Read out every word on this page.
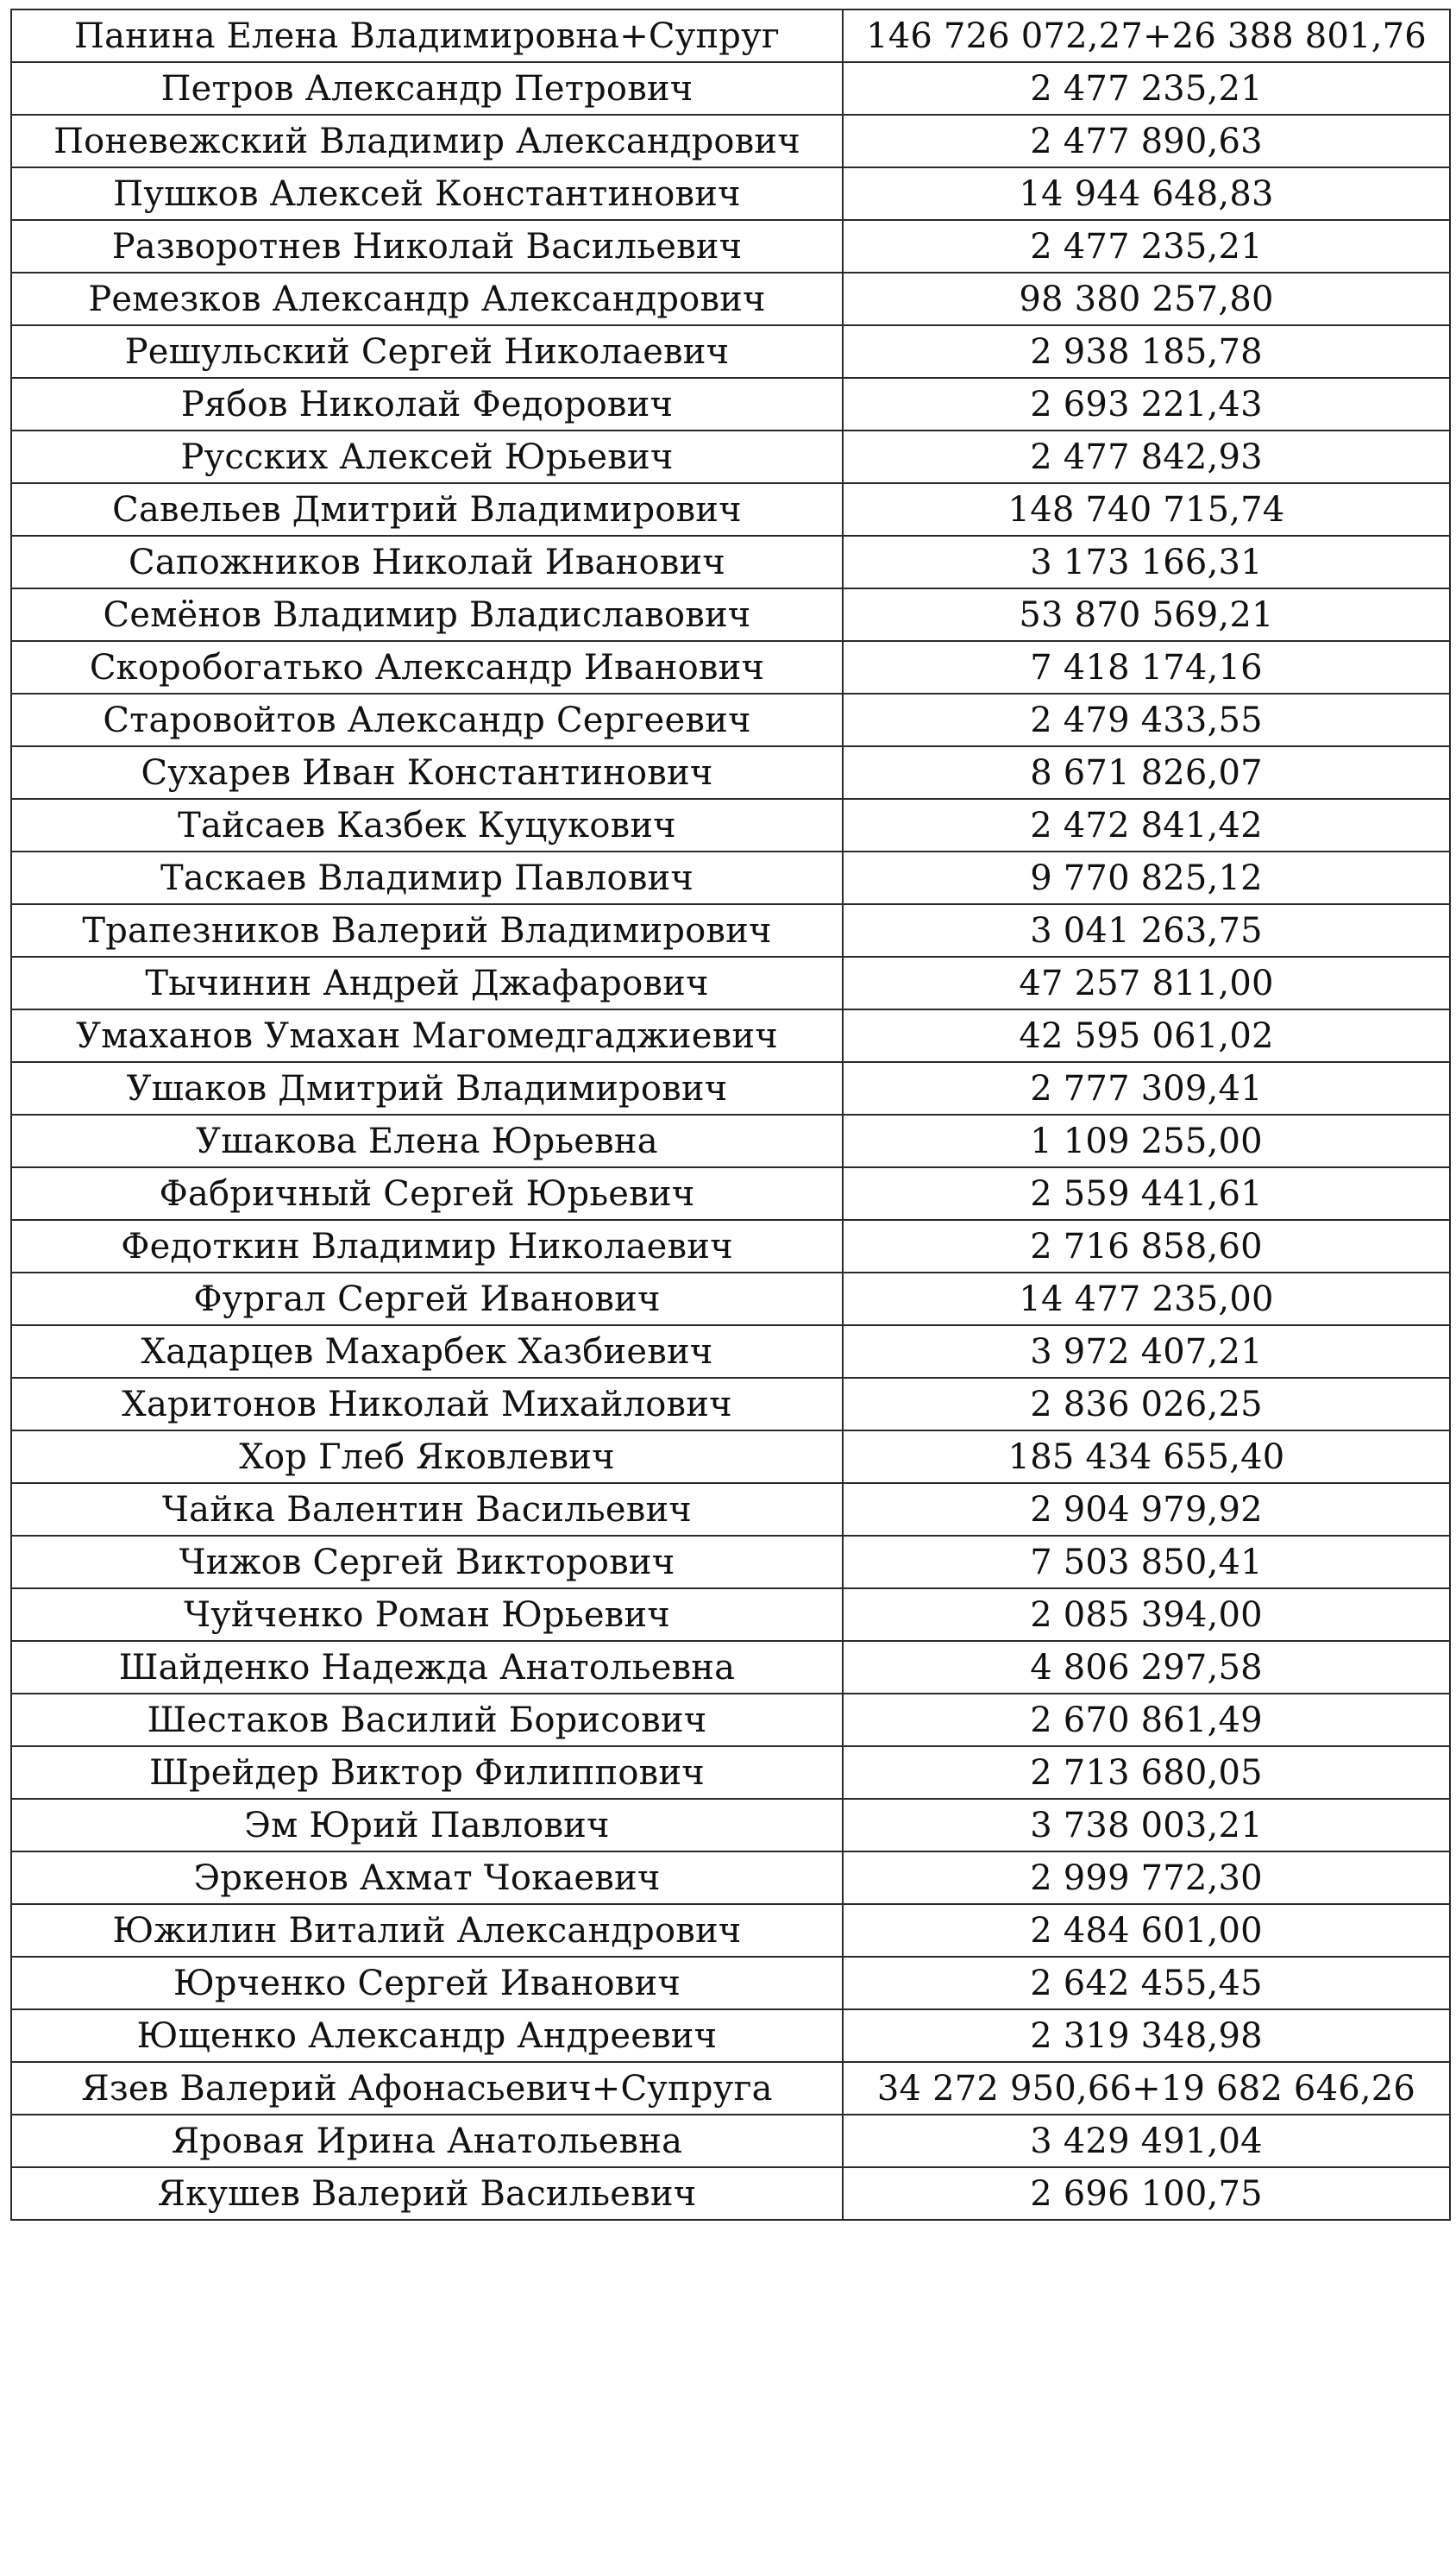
Панина Елена Владимировна+Супруг	146 726 072,27+26 388 801,76
Петров Александр Петрович	2 477 235,21
Поневежский Владимир Александрович	2 477 890,63
Пушков Алексей Константинович	14 944 648,83
Разворотнев Николай Васильевич	2 477 235,21
Ремезков Александр Александрович	98 380 257,80
Решульский Сергей Николаевич	2 938 185,78
Рябов Николай Федорович	2 693 221,43
Русских Алексей Юрьевич	2 477 842,93
Савельев Дмитрий Владимирович	148 740 715,74
Сапожников Николай Иванович	3 173 166,31
Семёнов Владимир Владиславович	53 870 569,21
Скоробогатько Александр Иванович	7 418 174,16
Старовойтов Александр Сергеевич	2 479 433,55
Сухарев Иван Константинович	8 671 826,07
Тайсаев Казбек Куцукович	2 472 841,42
Таскаев Владимир Павлович	9 770 825,12
Трапезников Валерий Владимирович	3 041 263,75
Тычинин Андрей Джафарович	47 257 811,00
Умаханов Умахан Магомедгаджиевич	42 595 061,02
Ушаков Дмитрий Владимирович	2 777 309,41
Ушакова Елена Юрьевна	1 109 255,00
Фабричный Сергей Юрьевич	2 559 441,61
Федоткин Владимир Николаевич	2 716 858,60
Фургал Сергей Иванович	14 477 235,00
Хадарцев Махарбек Хазбиевич	3 972 407,21
Харитонов Николай Михайлович	2 836 026,25
Хор Глеб Яковлевич	185 434 655,40
Чайка Валентин Васильевич	2 904 979,92
Чижов Сергей Викторович	7 503 850,41
Чуйченко Роман Юрьевич	2 085 394,00
Шайденко Надежда Анатольевна	4 806 297,58
Шестаков Василий Борисович	2 670 861,49
Шрейдер Виктор Филиппович	2 713 680,05
Эм Юрий Павлович	3 738 003,21
Эркенов Ахмат Чокаевич	2 999 772,30
Южилин Виталий Александрович	2 484 601,00
Юрченко Сергей Иванович	2 642 455,45
Ющенко Александр Андреевич	2 319 348,98
Язев Валерий Афонасьевич+Супруга	34 272 950,66+19 682 646,26
Яровая Ирина Анатольевна	3 429 491,04
Якушев Валерий Васильевич	2 696 100,75
